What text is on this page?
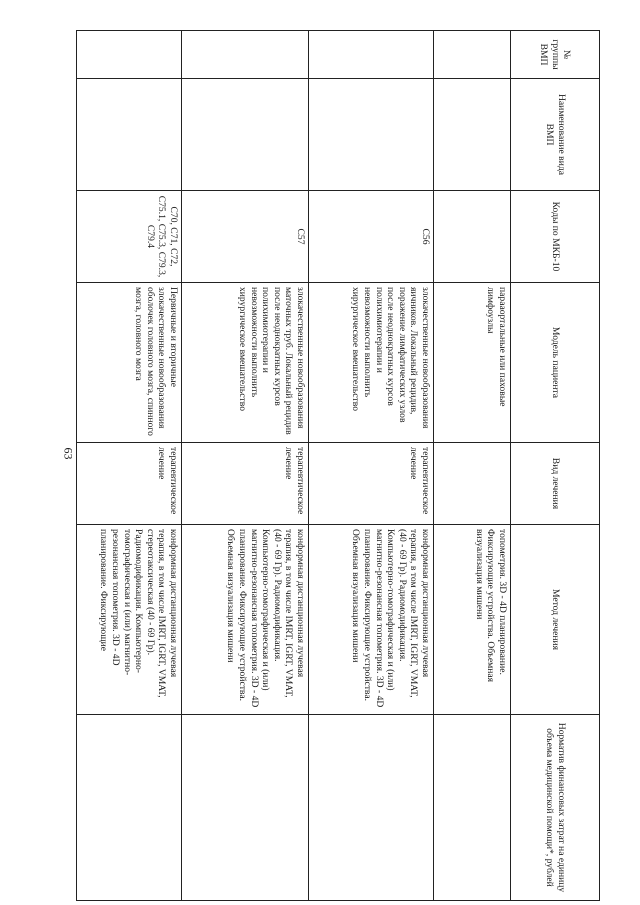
63
№ группы ВМП	Наименование вида ВМП	Коды по МКБ-10	Модель пациента	Вид лечения	Метод лечения	Норматив финансовых затрат на единицу объема медицинской помощи*, рублей
			парааортальные или паховые лимфоузлы		топометрия. 3D - 4D планирование. Фиксирующие устройства. Объемная визуализация мишени	
		C56	злокачественные новообразования яичников. Локальный рецидив, поражение лимфатических узлов после неоднократных курсов полихимиотерапии и невозможности выполнить хирургическое вмешательство	терапевтическое лечение	конформная дистанционная лучевая терапия, в том числе IMRT, IGRT, VMAT, (40 - 69 Гр). Радиомодификация. Компьютерно-томографическая и (или) магнитно-резонансная топометрия. 3D - 4D планирование. Фиксирующие устройства. Объемная визуализация мишени	
		C57	злокачественные новообразования маточных труб. Локальный рецидив после неоднократных курсов полихимиотерапии и невозможности выполнить хирургическое вмешательство	терапевтическое лечение	конформная дистанционная лучевая терапия, в том числе IMRT, IGRT, VMAT, (40 - 69 Гр). Радиомодификация. Компьютерно-томографическая и (или) магнитно-резонансная топометрия. 3D - 4D планирование. Фиксирующие устройства. Объемная визуализация мишени	
		C70, C71, C72, C75.1, C75.3, C79.3, C79.4	Первичные и вторичные злокачественные новообразования оболочек головного мозга, спинного мозга, головного мозга	терапевтическое лечение	конформная дистанционная лучевая терапия, в том числе IMRT, IGRT, VMAT, стереотаксическая (40 - 69 Гр). Радиомодификация. Компьютерно-томографическая и (или) магнитно-резонансная топометрия. 3D - 4D планирование. Фиксирующие	
